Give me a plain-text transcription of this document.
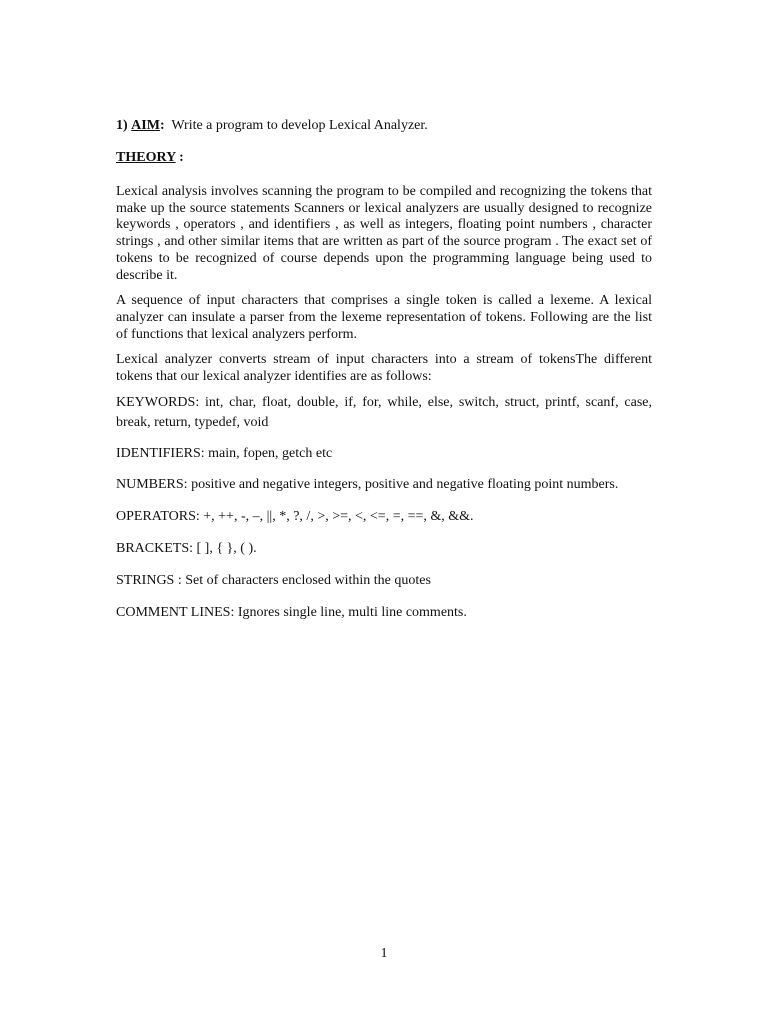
1) AIM: Write a program to develop Lexical Analyzer.

THEORY :

Lexical analysis involves scanning the program to be compiled and recognizing the tokens that make up the source statements Scanners or lexical analyzers are usually designed to recognize keywords , operators , and identifiers , as well as integers, floating point numbers , character strings , and other similar items that are written as part of the source program . The exact set of tokens to be recognized of course depends upon the programming language being used to describe it.

A sequence of input characters that comprises a single token is called a lexeme. A lexical analyzer can insulate a parser from the lexeme representation of tokens. Following are the list of functions that lexical analyzers perform.

Lexical analyzer converts stream of input characters into a stream of tokensThe different tokens that our lexical analyzer identifies are as follows:

KEYWORDS: int, char, float, double, if, for, while, else, switch, struct, printf, scanf, case, break, return, typedef, void

IDENTIFIERS: main, fopen, getch etc

NUMBERS: positive and negative integers, positive and negative floating point numbers.

OPERATORS: +, ++, -, –, ||, *, ?, /, >, >=, <, <=, =, ==, &, &&.

BRACKETS: [ ], { }, ( ).

STRINGS : Set of characters enclosed within the quotes

COMMENT LINES: Ignores single line, multi line comments.

1
